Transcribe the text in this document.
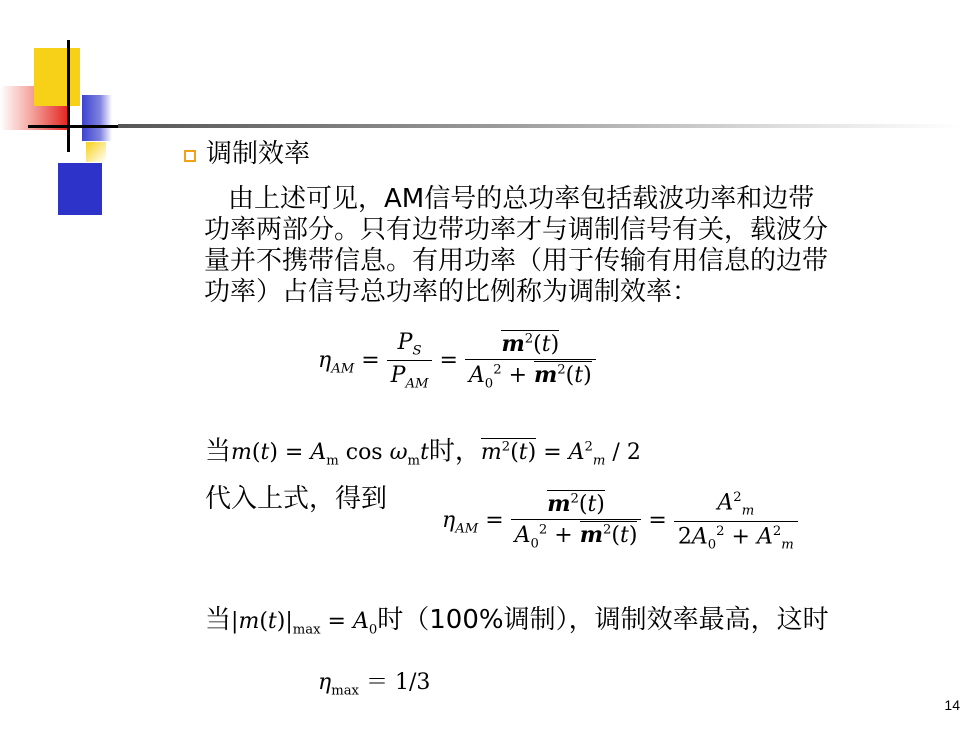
调制效率
由上述可见，AM信号的总功率包括载波功率和边带
功率两部分。只有边带功率才与调制信号有关，载波分
量并不携带信息。有用功率（用于传输有用信息的边带
功率）占信号总功率的比例称为调制效率：
$\eta_{AM} = \frac{P_S}{P_{AM}} = \frac{m^2(t)}{A_0^2 + m^2(t)}$
当$m(t) = A_m$ $\cos \omega_mt$时，$m^2(t) = A^2_m / 2$
代入上式，得到
$\eta_{AM} = \frac{m^2(t)}{A_0^2 + m^2(t)} = \frac{A^2_m}{2A_0^2 + A^2_m}$
当$|m(t)|_{max} = A_0$时（100%调制），调制效率最高，这时
$\eta_{max} = 1/3$
14
